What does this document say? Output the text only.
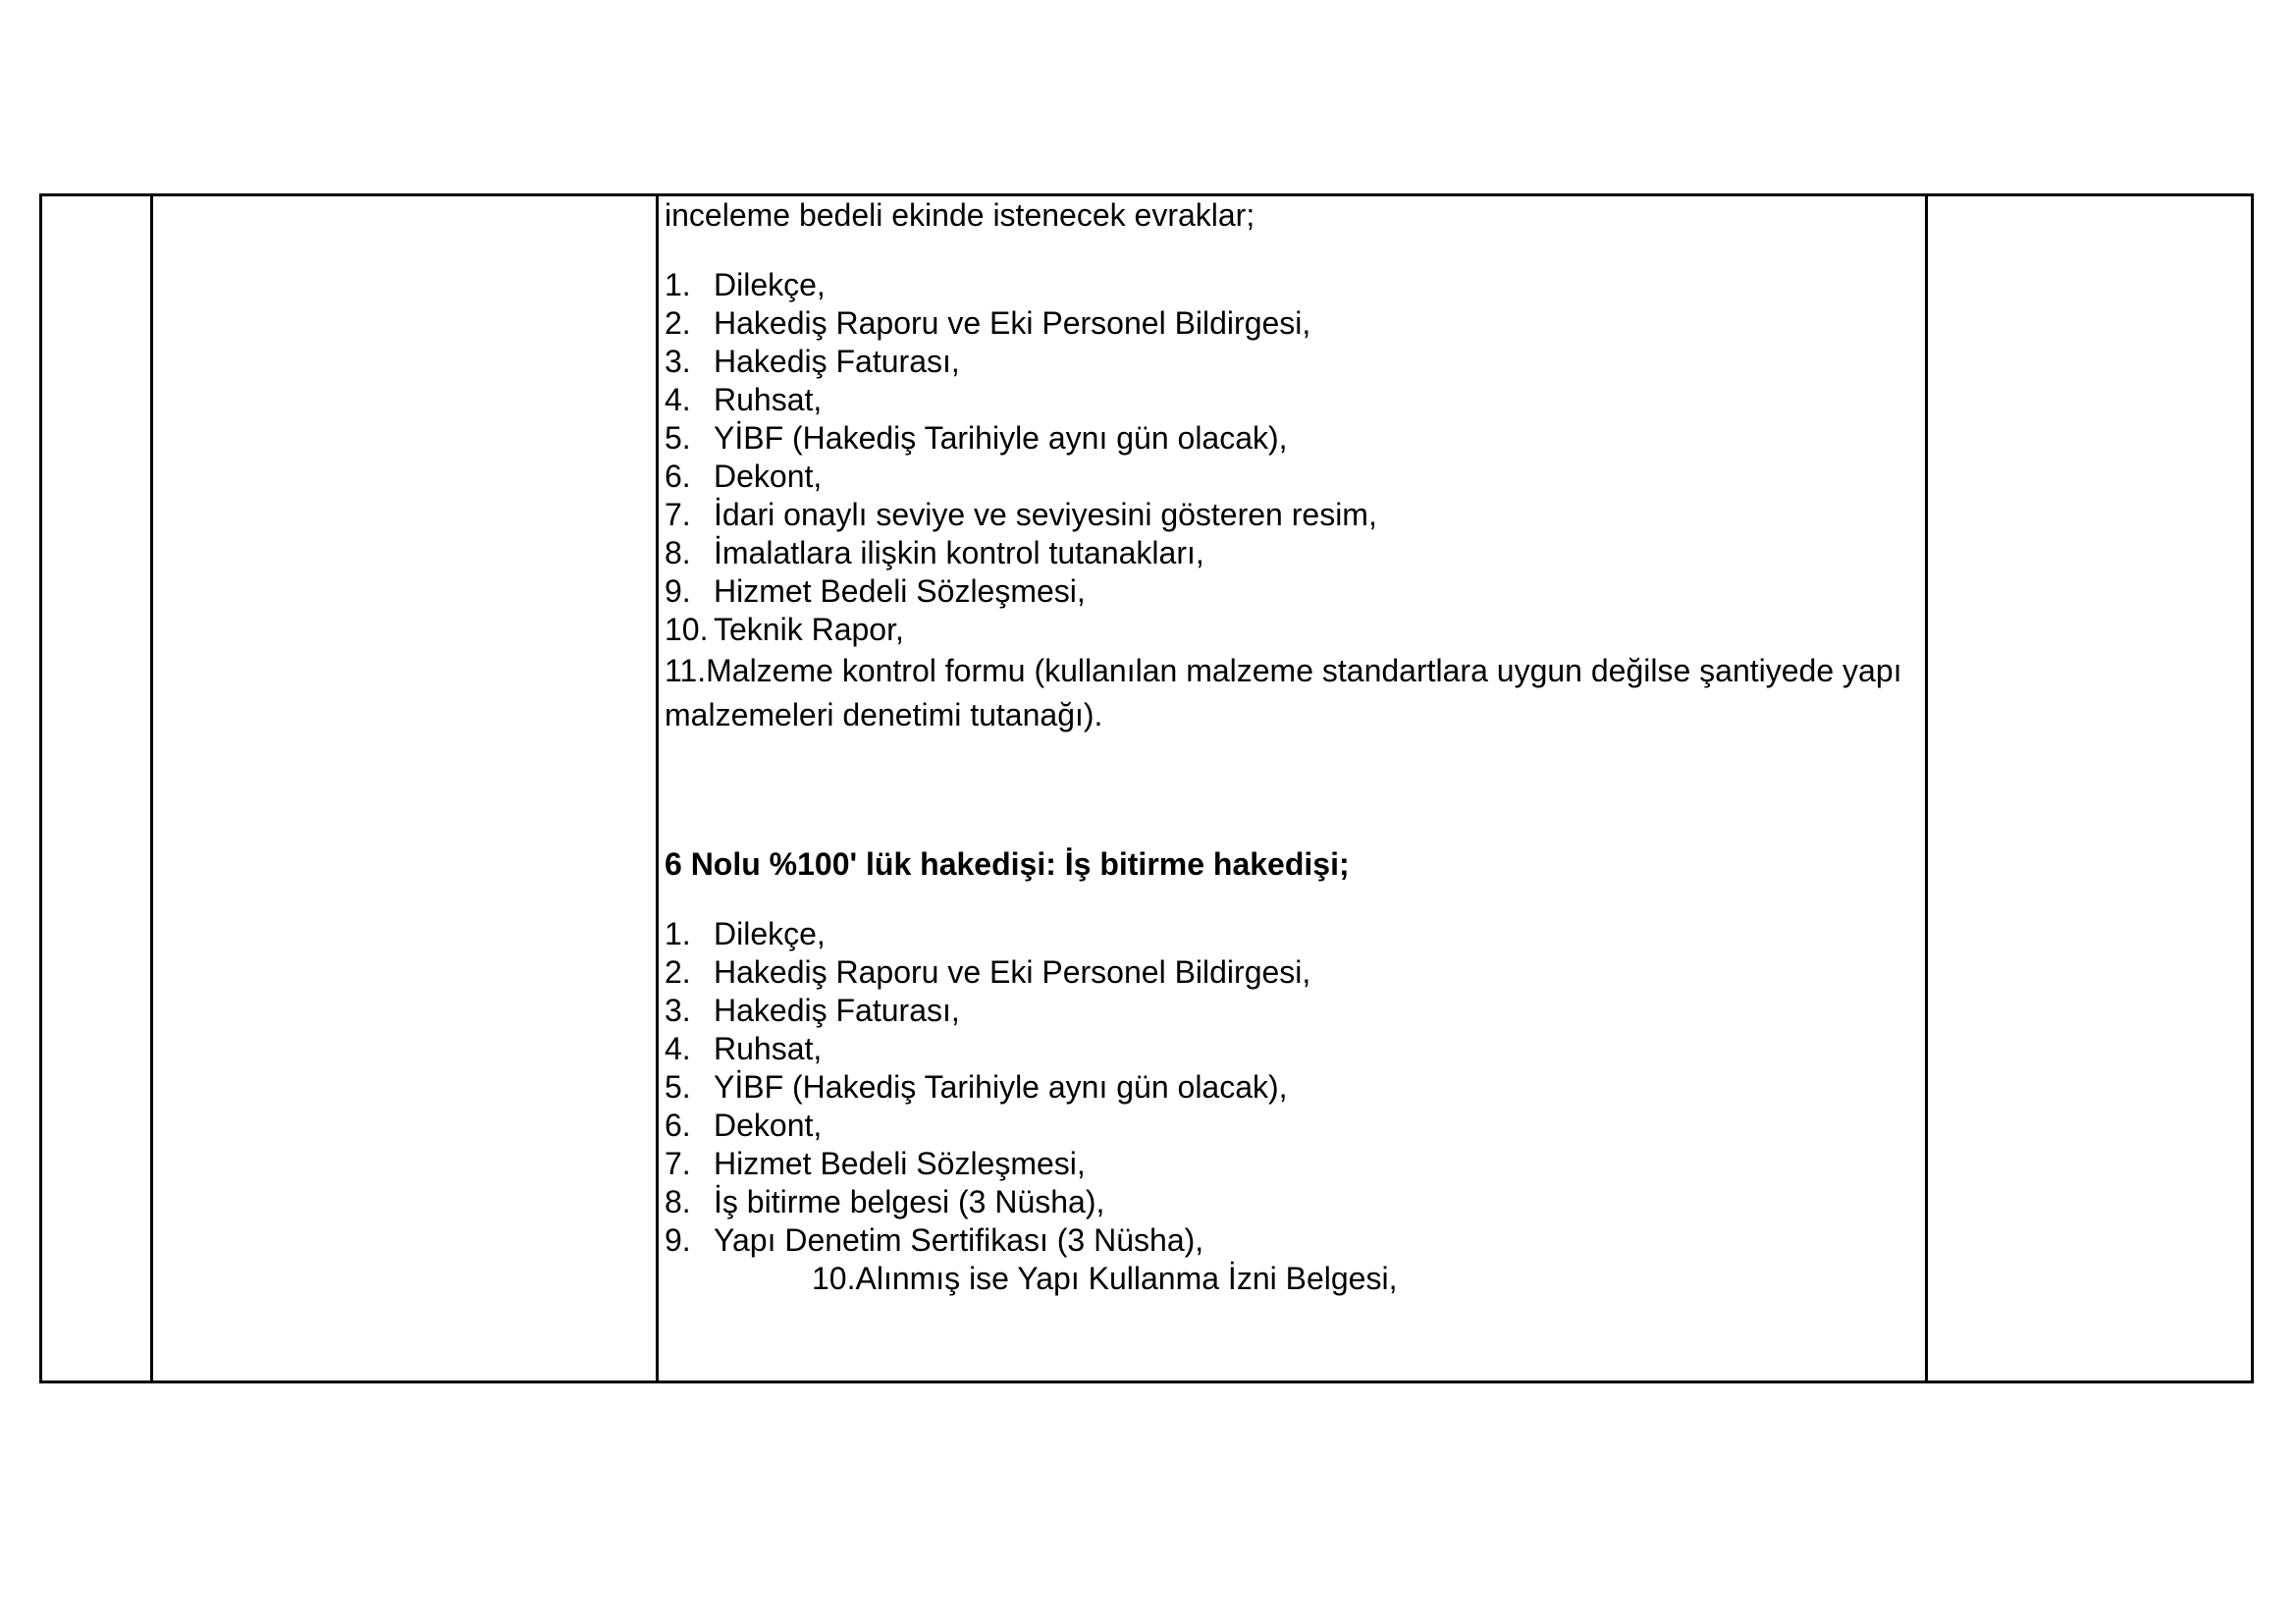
inceleme bedeli ekinde istenecek evraklar;

1. Dilekçe,
2. Hakediş Raporu ve Eki Personel Bildirgesi,
3. Hakediş Faturası,
4. Ruhsat,
5. YİBF (Hakediş Tarihiyle aynı gün olacak),
6. Dekont,
7. İdari onaylı seviye ve seviyesini gösteren resim,
8. İmalatlara ilişkin kontrol tutanakları,
9. Hizmet Bedeli Sözleşmesi,
10. Teknik Rapor,

11.Malzeme kontrol formu (kullanılan malzeme standartlara uygun değilse şantiyede yapı malzemeleri denetimi tutanağı).

6 Nolu %100' lük hakedişi: İş bitirme hakedişi;

1. Dilekçe,
2. Hakediş Raporu ve Eki Personel Bildirgesi,
3. Hakediş Faturası,
4. Ruhsat,
5. YİBF (Hakediş Tarihiyle aynı gün olacak),
6. Dekont,
7. Hizmet Bedeli Sözleşmesi,
8. İş bitirme belgesi (3 Nüsha),
9. Yapı Denetim Sertifikası (3 Nüsha),

10.Alınmış ise Yapı Kullanma İzni Belgesi,
